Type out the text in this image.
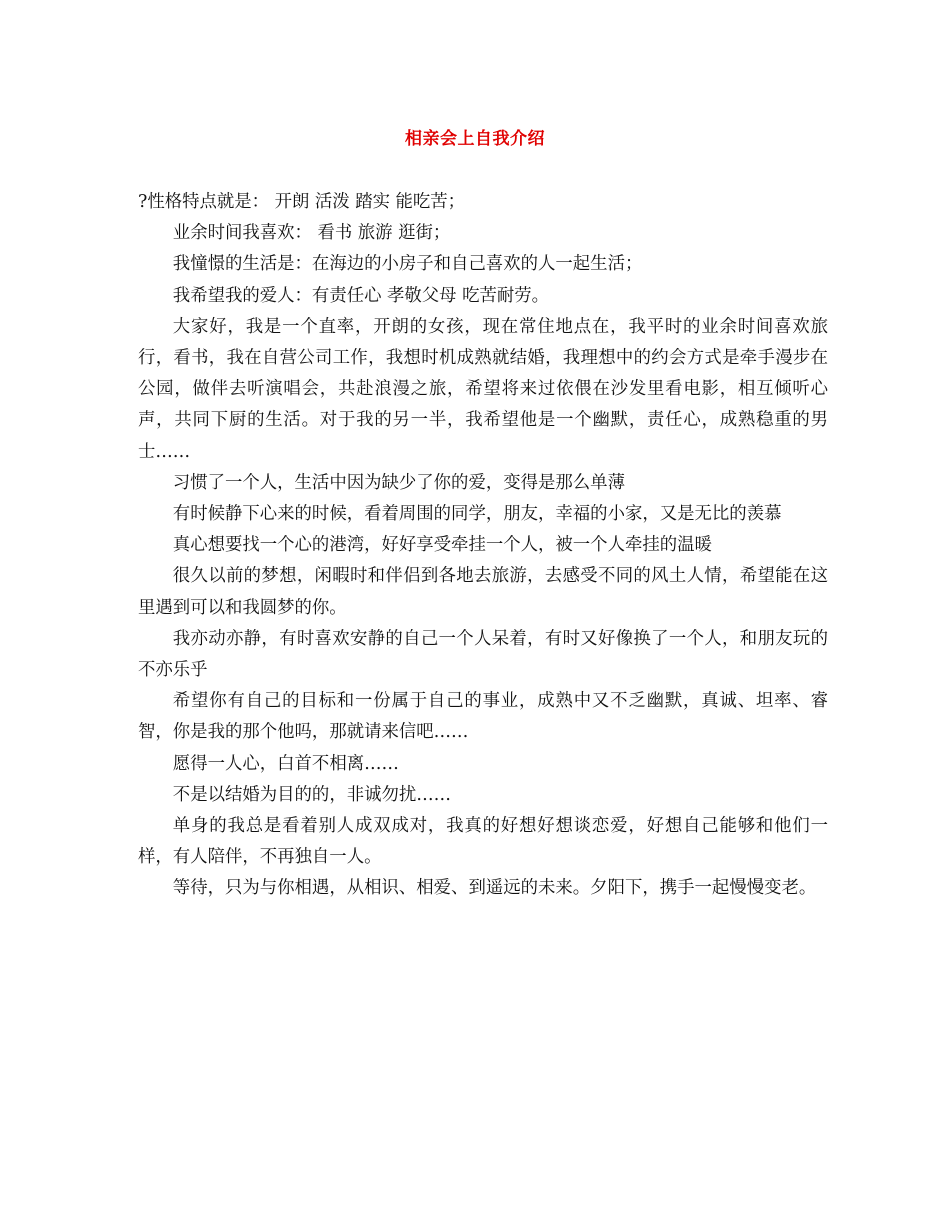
相亲会上自我介绍

?性格特点就是： 开朗 活泼 踏实 能吃苦；

业余时间我喜欢： 看书 旅游 逛街；

我憧憬的生活是：在海边的小房子和自己喜欢的人一起生活；

我希望我的爱人：有责任心 孝敬父母 吃苦耐劳。

大家好，我是一个直率，开朗的女孩，现在常住地点在，我平时的业余时间喜欢旅行，看书，我在自营公司工作，我想时机成熟就结婚，我理想中的约会方式是牵手漫步在公园，做伴去听演唱会，共赴浪漫之旅，希望将来过依偎在沙发里看电影，相互倾听心声，共同下厨的生活。对于我的另一半，我希望他是一个幽默，责任心，成熟稳重的男士……

习惯了一个人，生活中因为缺少了你的爱，变得是那么单薄

有时候静下心来的时候，看着周围的同学，朋友，幸福的小家，又是无比的羡慕

真心想要找一个心的港湾，好好享受牵挂一个人，被一个人牵挂的温暖

很久以前的梦想，闲暇时和伴侣到各地去旅游，去感受不同的风土人情，希望能在这里遇到可以和我圆梦的你。

我亦动亦静，有时喜欢安静的自己一个人呆着，有时又好像换了一个人，和朋友玩的不亦乐乎

希望你有自己的目标和一份属于自己的事业，成熟中又不乏幽默，真诚、坦率、睿智，你是我的那个他吗，那就请来信吧……

愿得一人心，白首不相离……

不是以结婚为目的的，非诚勿扰……

单身的我总是看着别人成双成对，我真的好想好想谈恋爱，好想自己能够和他们一样，有人陪伴，不再独自一人。

等待，只为与你相遇，从相识、相爱、到遥远的未来。夕阳下，携手一起慢慢变老。
